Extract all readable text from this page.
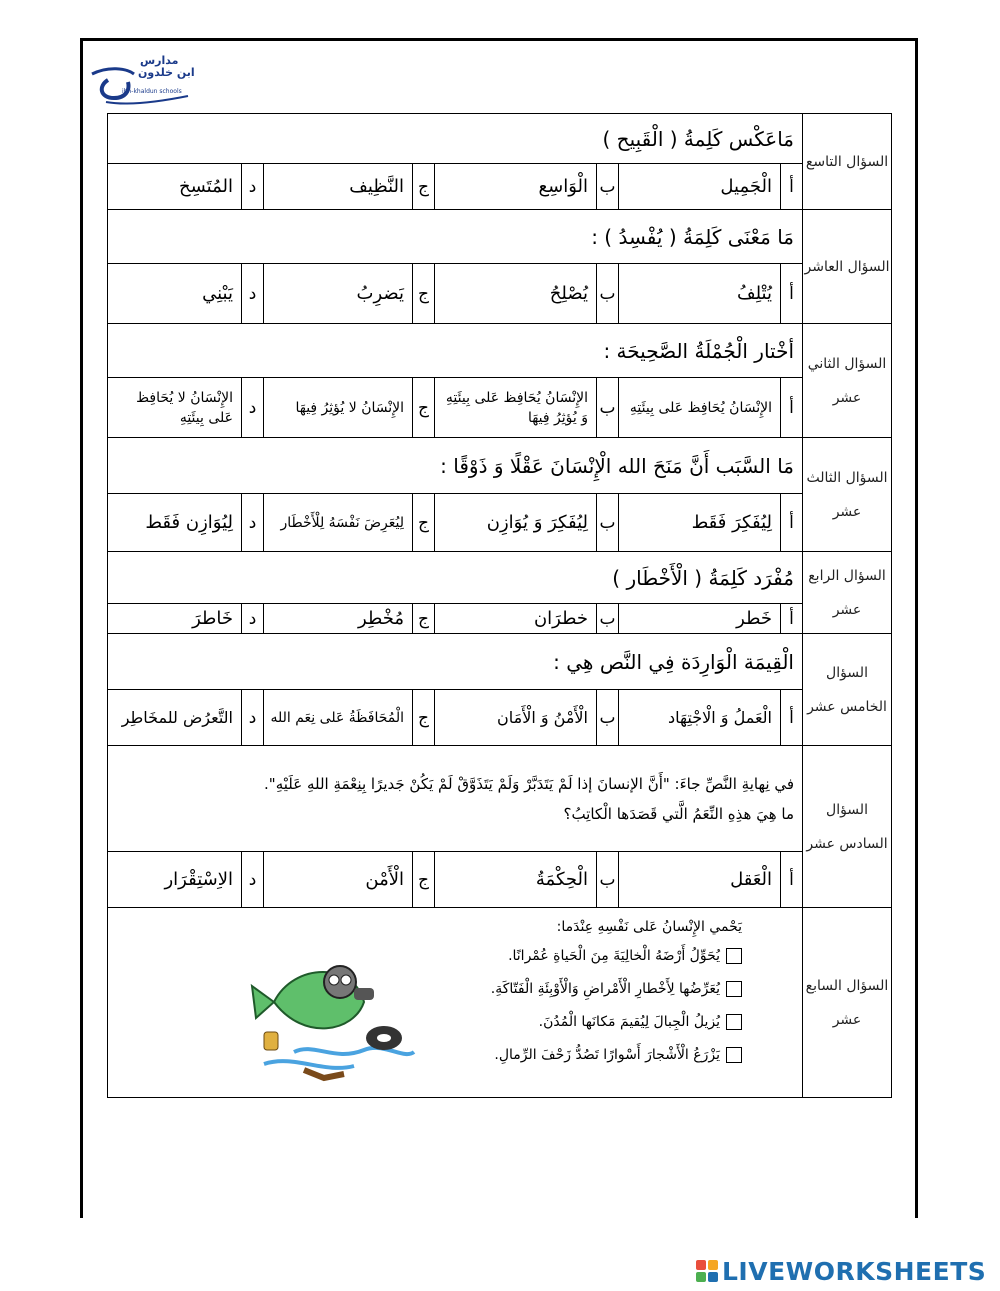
مدارس
ابن خلدون
ibn-khaldun schools
السؤال التاسع	مَاعَكْس كَلِمةُ ( الْقَبِيح )							
	أ	الْجَمِيل	ب	الْوَاسِع	ج	النَّظِيف	د	المُتَسِخ
السؤال العاشر	مَا مَعْنَى كَلِمَةُ ( يُفْسِدُ ) :							
	أ	يُتْلِفُ	ب	يُصْلِحُ	ج	يَضرِبُ	د	يَبْنِي
السؤال الثاني عشر	أخْتار الْجُمْلَةُ الصَّحِيحَة :							
	أ	الإِنْسَانُ يُحَافِظ عَلى بِيئَتِهِ	ب	الإِنْسَانُ يُحَافِظ عَلى بِيئَتِهِ وَ يُؤثِرُ فِيهَا	ج	الإِنْسَانُ لا يُؤثِرُ فِيهَا	د	الإِنْسَانُ لا يُحَافِظ عَلى بِيئَتِهِ
السؤال الثالث عشر	مَا السَّبَب أَنَّ مَنَحَ الله الْإِنْسَانَ عَقْلًا وَ ذَوْقًا :							
	أ	لِيُفَكِرَ فَقَط	ب	لِيُفَكِرَ وَ يُوَازِن	ج	لِيُعَرِضَ نَفْسَهُ لِلْأَخْطَار	د	لِيُوَازِن فَقَط
السؤال الرابع عشر	مُفْرَد كَلِمَةُ ( الْأَخْطَار )							
	أ	خَطر	ب	خطرَان	ج	مُخْطِر	د	خَاطرَ
السؤال الخامس عشر	الْقِيمَة الْوَارِدَة فِي النَّص هِي :							
	أ	الْعَملُ وَ الْاجْتِهَاد	ب	الْأَمْنُ وَ الْأَمَان	ج	الْمُحَافَظَةُ عَلى نِعَم الله	د	التَّعرُض للمخَاطِر
السؤال السادس عشر	في نِهايةِ النَّصِّ جاءَ: "أَنَّ الإنسانَ إذا لَمْ يَتَدَبَّرْ وَلَمْ يَتَذَوَّقْ لَمْ يَكُنْ جَديرًا بِنِعْمَةِ اللهِ عَلَيْهِ".
ما هِيَ هذِهِ النِّعَمُ الَّتي قَصَدَها الْكاتِبُ؟							

	أ	الْعَقل	ب	الْحِكْمَةُ	ج	الْأَمْن	د	الاِسْتِقْرَار
السؤال السابع عشر	يَحْمي الإِنْسانُ عَلى نَفْسِهِ عِنْدَما:
يُحَوِّلُ أَرْضَهُ الْخالِيَةَ مِنَ الْحَياةِ عُمْرانًا.
يُعَرِّضُها لِأَخْطارِ الْأَمْراضِ وَالْأَوْبِئَةِ الْفَتّاكَةِ.
يُزيلُ الْجِبالَ لِيُقيمَ مَكانَها الْمُدُنَ.
يَزْرَعُ الْأَشْجارَ أَسْوارًا تَصُدُّ زَحْفَ الرِّمالِ.							
LIVEWORKSHEETS
